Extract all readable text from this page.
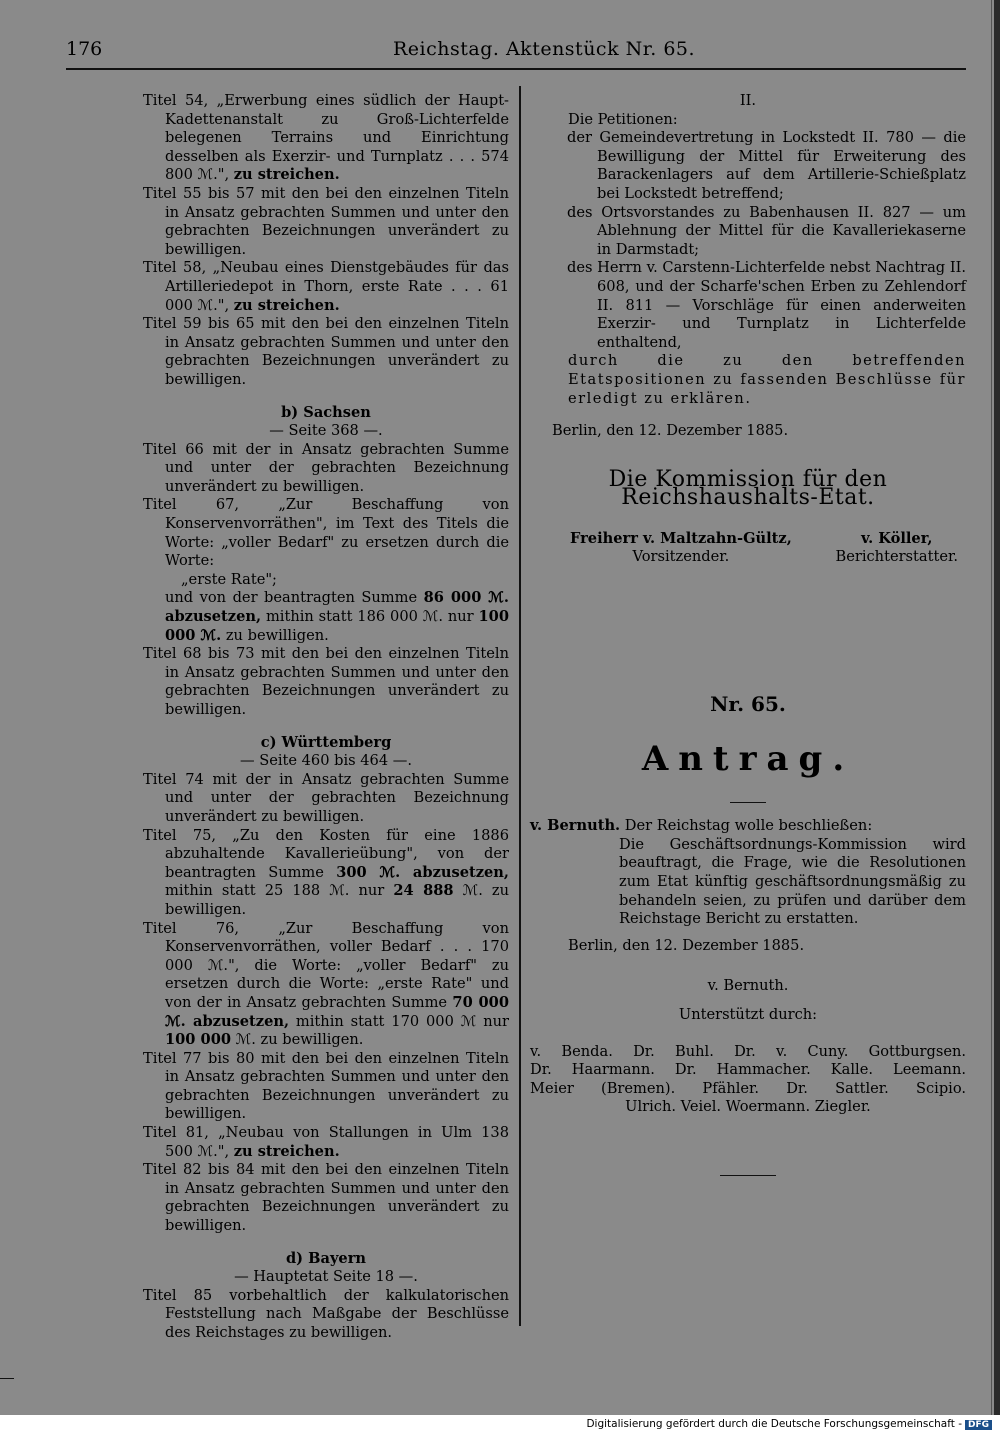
176	Reichstag. Aktenstück Nr. 65.

Titel 54, „Erwerbung eines südlich der Haupt-Kadettenanstalt zu Groß-Lichterfelde belegenen Terrains und Einrichtung desselben als Exerzir- und Turnplatz . . . 574 800 ℳ.", zu streichen.

Titel 55 bis 57 mit den bei den einzelnen Titeln in Ansatz gebrachten Summen und unter den gebrachten Bezeichnungen unverändert zu bewilligen.

Titel 58, „Neubau eines Dienstgebäudes für das Artilleriedepot in Thorn, erste Rate . . . 61 000 ℳ.", zu streichen.

Titel 59 bis 65 mit den bei den einzelnen Titeln in Ansatz gebrachten Summen und unter den gebrachten Bezeichnungen unverändert zu bewilligen.

b) Sachsen

— Seite 368 —.

Titel 66 mit der in Ansatz gebrachten Summe und unter der gebrachten Bezeichnung unverändert zu bewilligen.

Titel 67, „Zur Beschaffung von Konservenvorräthen", im Text des Titels die Worte: „voller Bedarf" zu ersetzen durch die Worte:

„erste Rate";

und von der beantragten Summe 86 000 ℳ. abzusetzen, mithin statt 186 000 ℳ. nur 100 000 ℳ. zu bewilligen.

Titel 68 bis 73 mit den bei den einzelnen Titeln in Ansatz gebrachten Summen und unter den gebrachten Bezeichnungen unverändert zu bewilligen.

c) Württemberg

— Seite 460 bis 464 —.

Titel 74 mit der in Ansatz gebrachten Summe und unter der gebrachten Bezeichnung unverändert zu bewilligen.

Titel 75, „Zu den Kosten für eine 1886 abzuhaltende Kavallerieübung", von der beantragten Summe 300 ℳ. abzusetzen, mithin statt 25 188 ℳ. nur 24 888 ℳ. zu bewilligen.

Titel 76, „Zur Beschaffung von Konservenvorräthen, voller Bedarf . . . 170 000 ℳ.", die Worte: „voller Bedarf" zu ersetzen durch die Worte: „erste Rate" und von der in Ansatz gebrachten Summe 70 000 ℳ. abzusetzen, mithin statt 170 000 ℳ nur 100 000 ℳ. zu bewilligen.

Titel 77 bis 80 mit den bei den einzelnen Titeln in Ansatz gebrachten Summen und unter den gebrachten Bezeichnungen unverändert zu bewilligen.

Titel 81, „Neubau von Stallungen in Ulm 138 500 ℳ.", zu streichen.

Titel 82 bis 84 mit den bei den einzelnen Titeln in Ansatz gebrachten Summen und unter den gebrachten Bezeichnungen unverändert zu bewilligen.

d) Bayern

— Hauptetat Seite 18 —.

Titel 85 vorbehaltlich der kalkulatorischen Feststellung nach Maßgabe der Beschlüsse des Reichstages zu bewilligen.

II.

Die Petitionen:

der Gemeindevertretung in Lockstedt II. 780 — die Bewilligung der Mittel für Erweiterung des Barackenlagers auf dem Artillerie-Schießplatz bei Lockstedt betreffend;

des Ortsvorstandes zu Babenhausen II. 827 — um Ablehnung der Mittel für die Kavalleriekaserne in Darmstadt;

des Herrn v. Carstenn-Lichterfelde nebst Nachtrag II. 608, und der Scharfe'schen Erben zu Zehlendorf II. 811 — Vorschläge für einen anderweiten Exerzir- und Turnplatz in Lichterfelde enthaltend,

durch die zu den betreffenden Etatspositionen zu fassenden Beschlüsse für erledigt zu erklären.

Berlin, den 12. Dezember 1885.

Die Kommission für den Reichshaushalts-Etat.

Freiherr v. Maltzahn-Gültz,
Vorsitzender.
v. Köller,
Berichterstatter.

Nr. 65.

Antrag.

v. Bernuth. Der Reichstag wolle beschließen:

Die Geschäftsordnungs-Kommission wird beauftragt, die Frage, wie die Resolutionen zum Etat künftig geschäftsordnungsmäßig zu behandeln seien, zu prüfen und darüber dem Reichstage Bericht zu erstatten.

Berlin, den 12. Dezember 1885.

v. Bernuth.

Unterstützt durch:

v. Benda. Dr. Buhl. Dr. v. Cuny. Gottburgsen.

Dr. Haarmann. Dr. Hammacher. Kalle. Leemann.

Meier (Bremen). Pfähler. Dr. Sattler. Scipio.

Ulrich. Veiel. Woermann. Ziegler.

Digitalisierung gefördert durch die Deutsche Forschungsgemeinschaft - DFG
